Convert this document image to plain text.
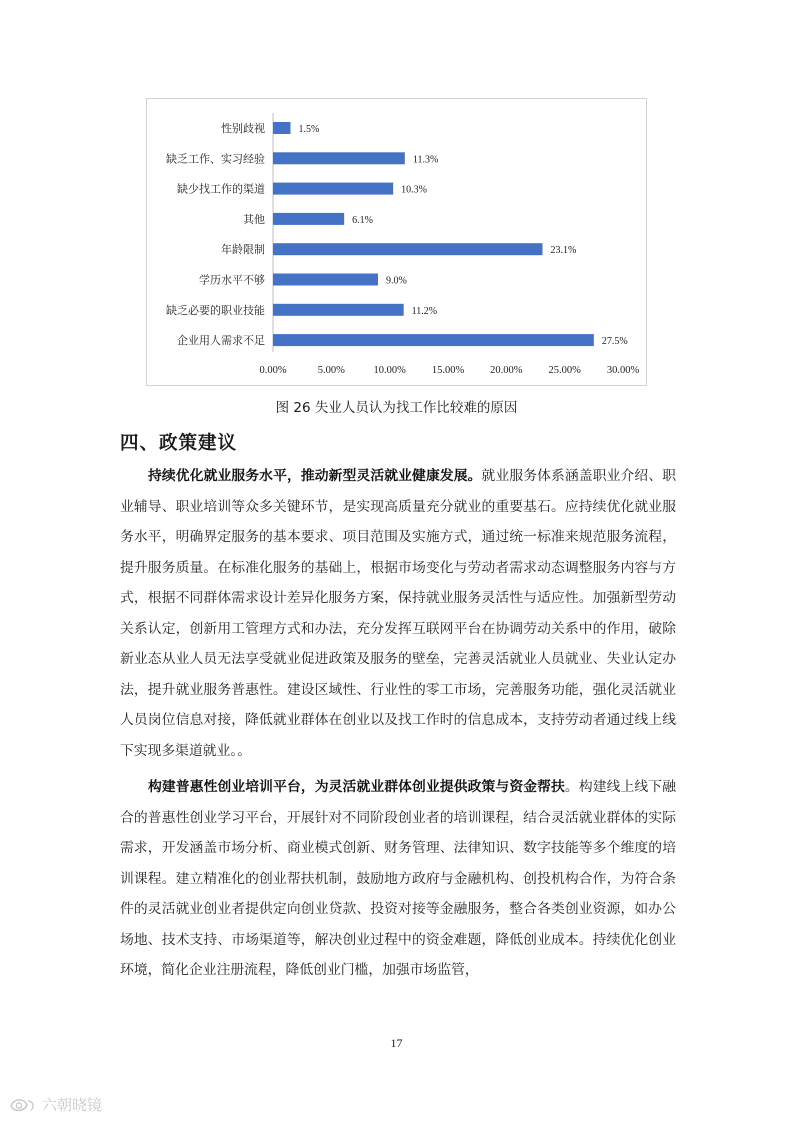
性别歧视	1.5%
缺乏工作、实习经验	11.3%
缺少找工作的渠道	10.3%
其他	6.1%
年龄限制	23.1%
学历水平不够	9.0%
缺乏必要的职业技能	11.2%
企业用人需求不足	27.5%
0.00%	5.00%	10.00% 15.00% 20.00% 25.00% 30.00%
图 26 失业人员认为找工作比较难的原因
四、政策建议

持续优化就业服务水平，推动新型灵活就业健康发展。就业服务体系涵盖职业介绍、职业辅导、职业培训等众多关键环节，是实现高质量充分就业的重要基石。应持续优化就业服务水平，明确界定服务的基本要求、项目范围及实施方式，通过统一标准来规范服务流程，提升服务质量。在标准化服务的基础上，根据市场变化与劳动者需求动态调整服务内容与方式，根据不同群体需求设计差异化服务方案，保持就业服务灵活性与适应性。加强新型劳动关系认定，创新用工管理方式和办法，充分发挥互联网平台在协调劳动关系中的作用，破除新业态从业人员无法享受就业促进政策及服务的壁垒，完善灵活就业人员就业、失业认定办法，提升就业服务普惠性。建设区域性、行业性的零工市场，完善服务功能，强化灵活就业人员岗位信息对接，降低就业群体在创业以及找工作时的信息成本，支持劳动者通过线上线下实现多渠道就业。。

构建普惠性创业培训平台，为灵活就业群体创业提供政策与资金帮扶。构建线上线下融合的普惠性创业学习平台，开展针对不同阶段创业者的培训课程，结合灵活就业群体的实际需求，开发涵盖市场分析、商业模式创新、财务管理、法律知识、数字技能等多个维度的培训课程。建立精准化的创业帮扶机制，鼓励地方政府与金融机构、创投机构合作，为符合条件的灵活就业创业者提供定向创业贷款、投资对接等金融服务，整合各类创业资源，如办公场地、技术支持、市场渠道等，解决创业过程中的资金难题，降低创业成本。持续优化创业环境，简化企业注册流程，降低创业门槛，加强市场监管，

17
六朝晓镜
